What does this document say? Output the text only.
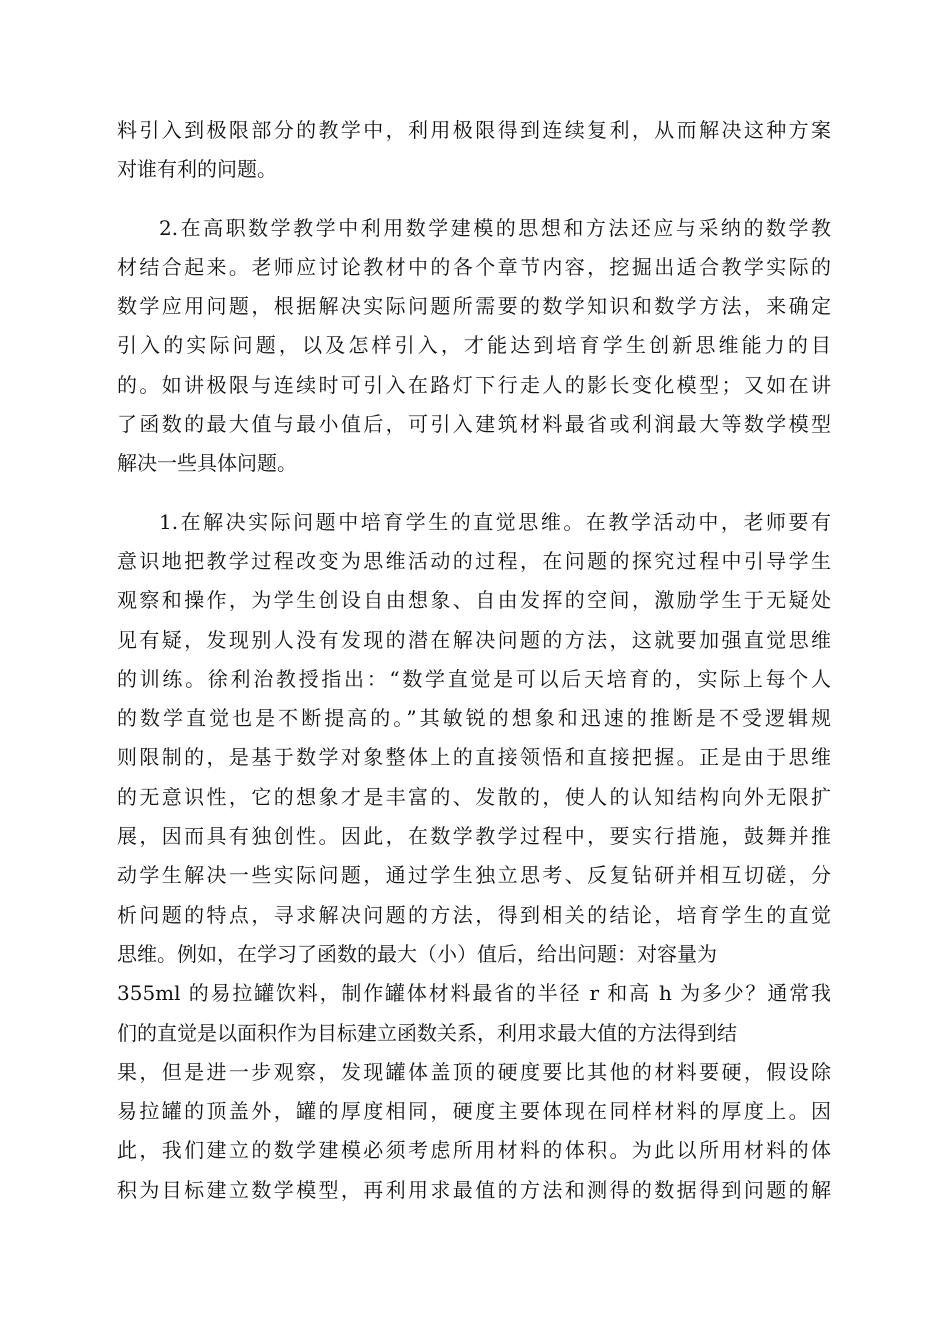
料引入到极限部分的教学中，利用极限得到连续复利，从而解决这种方案
对谁有利的问题。
2.在高职数学教学中利用数学建模的思想和方法还应与采纳的数学教
材结合起来。老师应讨论教材中的各个章节内容，挖掘出适合教学实际的
数学应用问题，根据解决实际问题所需要的数学知识和数学方法，来确定
引入的实际问题，以及怎样引入，才能达到培育学生创新思维能力的目
的。如讲极限与连续时可引入在路灯下行走人的影长变化模型；又如在讲
了函数的最大值与最小值后，可引入建筑材料最省或利润最大等数学模型
解决一些具体问题。
1.在解决实际问题中培育学生的直觉思维。在教学活动中，老师要有
意识地把教学过程改变为思维活动的过程，在问题的探究过程中引导学生
观察和操作，为学生创设自由想象、自由发挥的空间，激励学生于无疑处
见有疑，发现别人没有发现的潜在解决问题的方法，这就要加强直觉思维
的训练。徐利治教授指出：“数学直觉是可以后天培育的，实际上每个人
的数学直觉也是不断提高的。”其敏锐的想象和迅速的推断是不受逻辑规
则限制的，是基于数学对象整体上的直接领悟和直接把握。正是由于思维
的无意识性，它的想象才是丰富的、发散的，使人的认知结构向外无限扩
展，因而具有独创性。因此，在数学教学过程中，要实行措施，鼓舞并推
动学生解决一些实际问题，通过学生独立思考、反复钻研并相互切磋，分
析问题的特点，寻求解决问题的方法，得到相关的结论，培育学生的直觉
思维。例如，在学习了函数的最大（小）值后，给出问题：对容量为
355ml 的易拉罐饮料，制作罐体材料最省的半径 r 和高 h 为多少？通常我
们的直觉是以面积作为目标建立函数关系，利用求最大值的方法得到结
果，但是进一步观察，发现罐体盖顶的硬度要比其他的材料要硬，假设除
易拉罐的顶盖外，罐的厚度相同，硬度主要体现在同样材料的厚度上。因
此，我们建立的数学建模必须考虑所用材料的体积。为此以所用材料的体
积为目标建立数学模型，再利用求最值的方法和测得的数据得到问题的解
